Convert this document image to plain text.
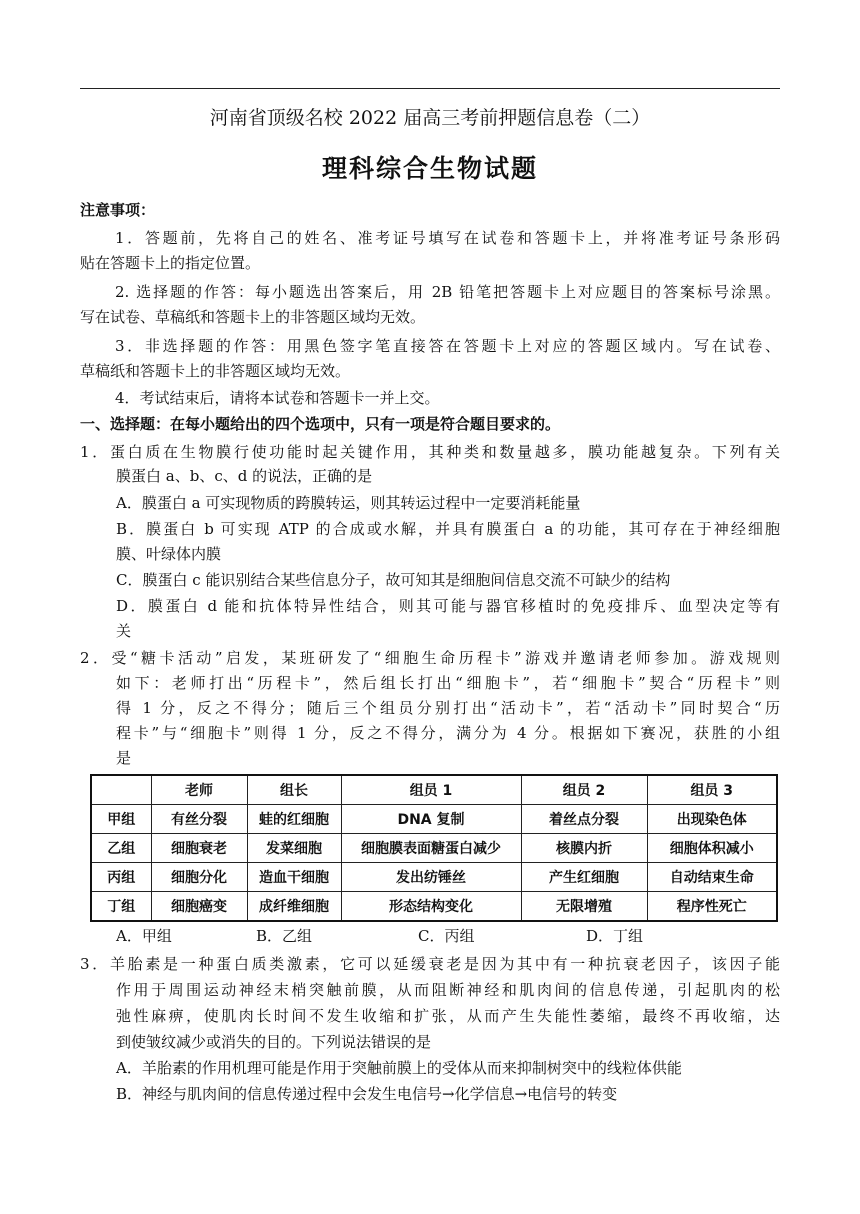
河南省顶级名校 2022 届高三考前押题信息卷（二）
理科综合生物试题
注意事项：
1．答题前，先将自己的姓名、准考证号填写在试卷和答题卡上，并将准考证号条形码
贴在答题卡上的指定位置。
2. 选择题的作答：每小题选出答案后，用 2B 铅笔把答题卡上对应题目的答案标号涂黑。
写在试卷、草稿纸和答题卡上的非答题区域均无效。
3．非选择题的作答：用黑色签字笔直接答在答题卡上对应的答题区域内。写在试卷、
草稿纸和答题卡上的非答题区域均无效。
4．考试结束后，请将本试卷和答题卡一并上交。
一、选择题：在每小题给出的四个选项中，只有一项是符合题目要求的。
1．蛋白质在生物膜行使功能时起关键作用，其种类和数量越多，膜功能越复杂。下列有关
膜蛋白 a、b、c、d 的说法，正确的是
A．膜蛋白 a 可实现物质的跨膜转运，则其转运过程中一定要消耗能量
B．膜蛋白 b 可实现 ATP 的合成或水解，并具有膜蛋白 a 的功能，其可存在于神经细胞
膜、叶绿体内膜
C．膜蛋白 c 能识别结合某些信息分子，故可知其是细胞间信息交流不可缺少的结构
D．膜蛋白 d 能和抗体特异性结合，则其可能与器官移植时的免疫排斥、血型决定等有
关
2．受“糖卡活动”启发，某班研发了“细胞生命历程卡”游戏并邀请老师参加。游戏规则
如下：老师打出“历程卡”，然后组长打出“细胞卡”，若“细胞卡”契合“历程卡”则
得 1 分，反之不得分；随后三个组员分别打出“活动卡”，若“活动卡”同时契合“历
程卡”与“细胞卡”则得 1 分，反之不得分，满分为 4 分。根据如下赛况，获胜的小组
是
	老师	组长	组员 1	组员 2	组员 3
甲组	有丝分裂	蛙的红细胞	DNA 复制	着丝点分裂	出现染色体
乙组	细胞衰老	发菜细胞	细胞膜表面糖蛋白减少	核膜内折	细胞体积减小
丙组	细胞分化	造血干细胞	发出纺锤丝	产生红细胞	自动结束生命
丁组	细胞癌变	成纤维细胞	形态结构变化	无限增殖	程序性死亡
A．甲组	B．乙组	C．丙组	D．丁组
3．羊胎素是一种蛋白质类激素，它可以延缓衰老是因为其中有一种抗衰老因子，该因子能
作用于周围运动神经末梢突触前膜，从而阻断神经和肌肉间的信息传递，引起肌肉的松
弛性麻痹，使肌肉长时间不发生收缩和扩张，从而产生失能性萎缩，最终不再收缩，达
到使皱纹减少或消失的目的。下列说法错误的是
A．羊胎素的作用机理可能是作用于突触前膜上的受体从而来抑制树突中的线粒体供能
B．神经与肌肉间的信息传递过程中会发生电信号→化学信息→电信号的转变
